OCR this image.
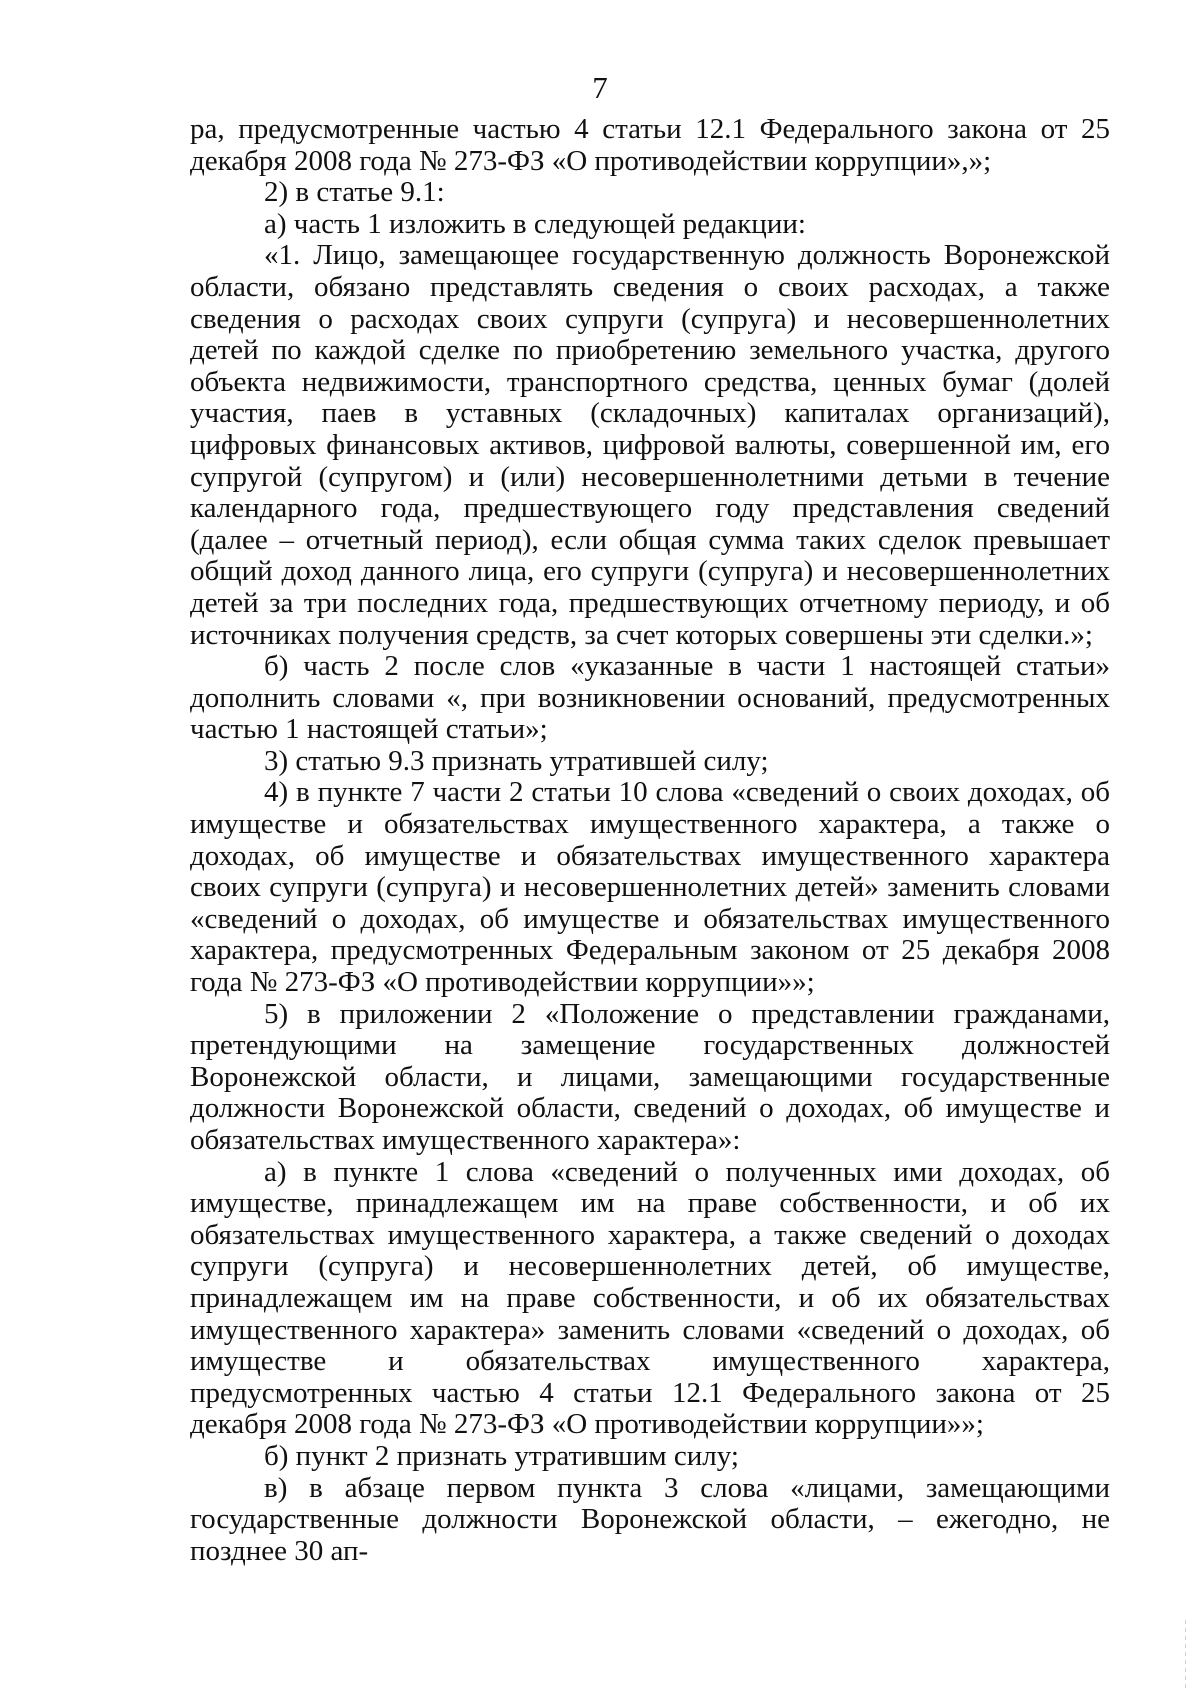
7

ра, предусмотренные частью 4 статьи 12.1 Федерального закона от 25 декабря 2008 года № 273-ФЗ «О противодействии коррупции»,»;

2) в статье 9.1:

а) часть 1 изложить в следующей редакции:

«1. Лицо, замещающее государственную должность Воронежской области, обязано представлять сведения о своих расходах, а также сведения о расходах своих супруги (супруга) и несовершеннолетних детей по каждой сделке по приобретению земельного участка, другого объекта недвижимости, транспортного средства, ценных бумаг (долей участия, паев в уставных (складочных) капиталах организаций), цифровых финансовых активов, цифровой валюты, совершенной им, его супругой (супругом) и (или) несовершеннолетними детьми в течение календарного года, предшествующего году представления сведений (далее – отчетный период), если общая сумма таких сделок превышает общий доход данного лица, его супруги (супруга) и несовершеннолетних детей за три последних года, предшествующих отчетному периоду, и об источниках получения средств, за счет которых совершены эти сделки.»;

б) часть 2 после слов «указанные в части 1 настоящей статьи» дополнить словами «, при возникновении оснований, предусмотренных частью 1 настоящей статьи»;

3) статью 9.3 признать утратившей силу;

4) в пункте 7 части 2 статьи 10 слова «сведений о своих доходах, об имуществе и обязательствах имущественного характера, а также о доходах, об имуществе и обязательствах имущественного характера своих супруги (супруга) и несовершеннолетних детей» заменить словами «сведений о доходах, об имуществе и обязательствах имущественного характера, предусмотренных Федеральным законом от 25 декабря 2008 года № 273-ФЗ «О противодействии коррупции»»;

5) в приложении 2 «Положение о представлении гражданами, претендующими на замещение государственных должностей Воронежской области, и лицами, замещающими государственные должности Воронежской области, сведений о доходах, об имуществе и обязательствах имущественного характера»:

а) в пункте 1 слова «сведений о полученных ими доходах, об имуществе, принадлежащем им на праве собственности, и об их обязательствах имущественного характера, а также сведений о доходах супруги (супруга) и несовершеннолетних детей, об имуществе, принадлежащем им на праве собственности, и об их обязательствах имущественного характера» заменить словами «сведений о доходах, об имуществе и обязательствах имущественного характера, предусмотренных частью 4 статьи 12.1 Федерального закона от 25 декабря 2008 года № 273-ФЗ «О противодействии коррупции»»;

б) пункт 2 признать утратившим силу;

в) в абзаце первом пункта 3 слова «лицами, замещающими государственные должности Воронежской области, – ежегодно, не позднее 30 ап-
